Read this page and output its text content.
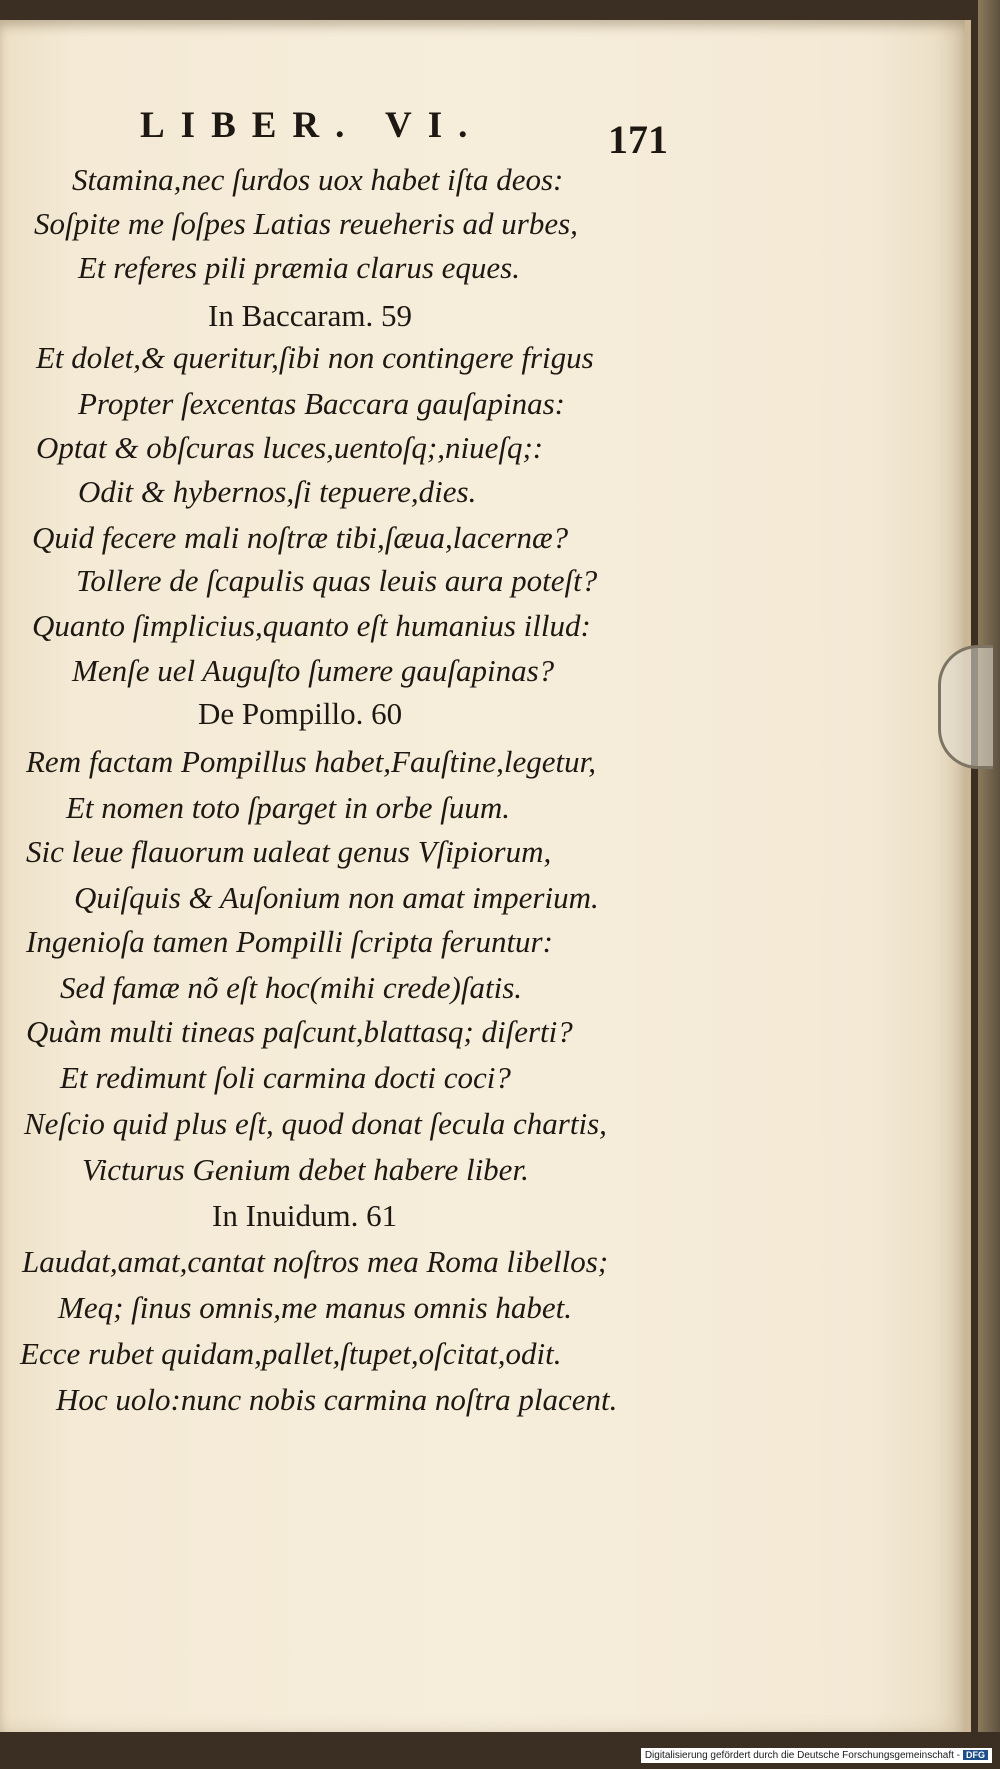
LIBER. VI.	171
Stamina,nec ſurdos uox habet iſta deos:
Soſpite me ſoſpes Latias reueheris ad urbes,
Et referes pili præmia clarus eques.
In Baccaram. 59
Et dolet,& queritur,ſibi non contingere frigus
Propter ſexcentas Baccara gauſapinas:
Optat & obſcuras luces,uentoſq;,niueſq;:
Odit & hybernos,ſi tepuere,dies.
Quid fecere mali noſtræ tibi,ſæua,lacernæ?
Tollere de ſcapulis quas leuis aura poteſt?
Quanto ſimplicius,quanto eſt humanius illud:
Menſe uel Auguſto ſumere gauſapinas?
De Pompillo. 60
Rem factam Pompillus habet,Fauſtine,legetur,
Et nomen toto ſparget in orbe ſuum.
Sic leue flauorum ualeat genus Vſipiorum,
Quiſquis & Auſonium non amat imperium.
Ingenioſa tamen Pompilli ſcripta feruntur:
Sed famæ nõ eſt hoc(mihi crede)ſatis.
Quàm multi tineas paſcunt,blattasq; diſerti?
Et redimunt ſoli carmina docti coci?
Neſcio quid plus eſt, quod donat ſecula chartis,
Victurus Genium debet habere liber.
In Inuidum. 61
Laudat,amat,cantat noſtros mea Roma libellos;
Meq; ſinus omnis,me manus omnis habet.
Ecce rubet quidam,pallet,ſtupet,oſcitat,odit.
Hoc uolo:nunc nobis carmina noſtra placent.
Digitalisierung gefördert durch die Deutsche Forschungsgemeinschaft - DFG
